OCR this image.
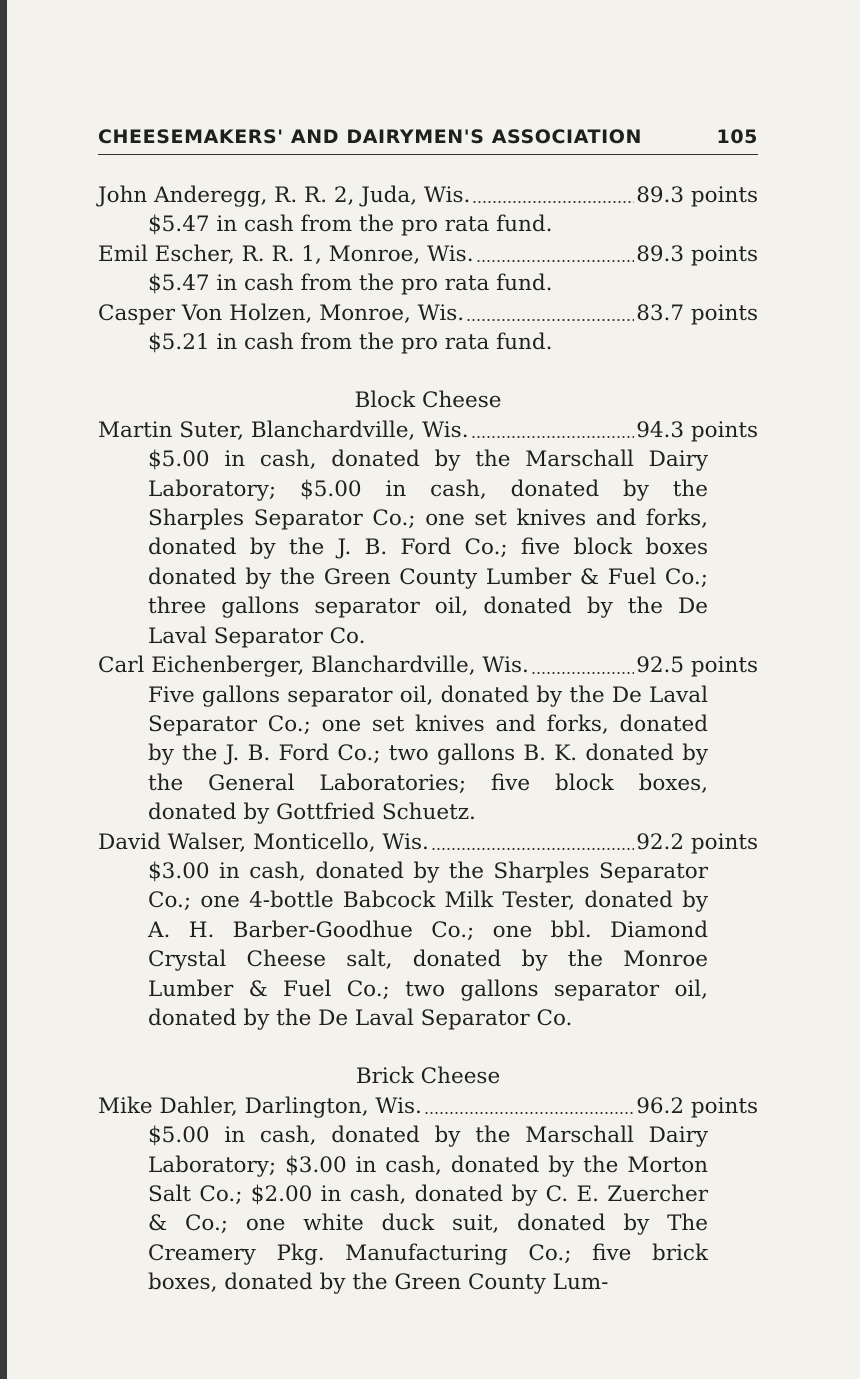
CHEESEMAKERS' AND DAIRYMEN'S ASSOCIATION	105
John Anderegg, R. R. 2, Juda, Wis.	89.3 points
$5.47 in cash from the pro rata fund.
Emil Escher, R. R. 1, Monroe, Wis.	89.3 points
$5.47 in cash from the pro rata fund.
Casper Von Holzen, Monroe, Wis.	83.7 points
$5.21 in cash from the pro rata fund.
Block Cheese
Martin Suter, Blanchardville, Wis.	94.3 points
$5.00 in cash, donated by the Marschall Dairy Laboratory; $5.00 in cash, donated by the Sharples Separator Co.; one set knives and forks, donated by the J. B. Ford Co.; five block boxes donated by the Green County Lumber & Fuel Co.; three gallons separator oil, donated by the De Laval Separator Co.
Carl Eichenberger, Blanchardville, Wis.	92.5 points
Five gallons separator oil, donated by the De Laval Separator Co.; one set knives and forks, donated by the J. B. Ford Co.; two gallons B. K. donated by the General Laboratories; five block boxes, donated by Gottfried Schuetz.
David Walser, Monticello, Wis.	92.2 points
$3.00 in cash, donated by the Sharples Separator Co.; one 4-bottle Babcock Milk Tester, donated by A. H. Barber-Goodhue Co.; one bbl. Diamond Crystal Cheese salt, donated by the Monroe Lumber & Fuel Co.; two gallons separator oil, donated by the De Laval Separator Co.
Brick Cheese
Mike Dahler, Darlington, Wis.	96.2 points
$5.00 in cash, donated by the Marschall Dairy Laboratory; $3.00 in cash, donated by the Morton Salt Co.; $2.00 in cash, donated by C. E. Zuercher & Co.; one white duck suit, donated by The Creamery Pkg. Manufacturing Co.; five brick boxes, donated by the Green County Lum-
